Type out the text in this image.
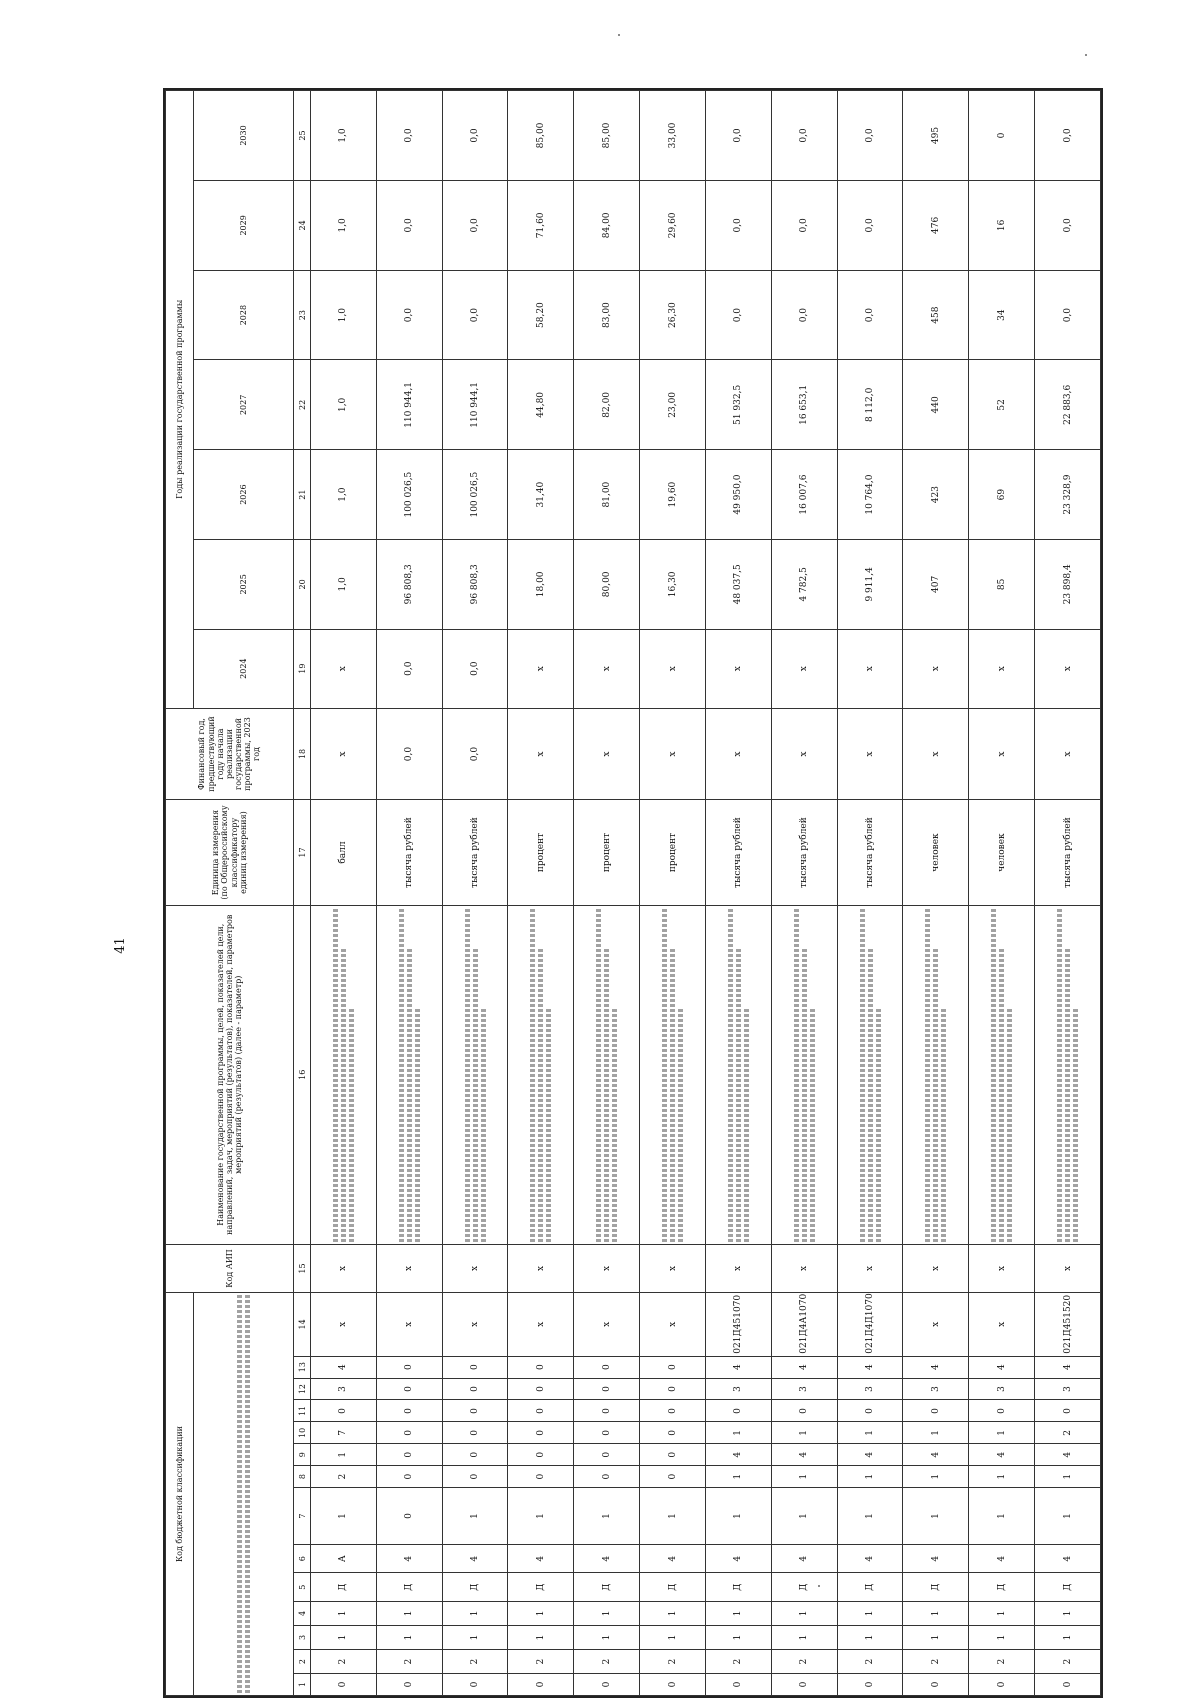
41
Код бюджетной классификации														Код АИП	Наименование государственной программы, целей, показателей цели, направлений, задач, мероприятий (результатов), показателей, параметров мероприятий (результатов) (далее - параметр)	Единица измерения (по Общероссийскому классификатору единиц измерения)	Финансовый год, предшествующий году начала реализации государственной программы, 2023 год	Годы реализации государственной программы						

																		2024	2025	2026	2027	2028	2029	2030
1	2	3	4	5	6	7	8	9	10	11	12	13	14	15	16	17	18	19	20	21	22	23	24	25
0	2	1	1	Д	А	1	2	1	7	0	3	4	х	х		балл	х	х	1,0	1,0	1,0	1,0	1,0	1,0
0	2	1	1	Д	4	0	0	0	0	0	0	0	х	х		тысяча рублей	0,0	0,0	96 808,3	100 026,5	110 944,1	0,0	0,0	0,0
0	2	1	1	Д	4	1	0	0	0	0	0	0	х	х		тысяча рублей	0,0	0,0	96 808,3	100 026,5	110 944,1	0,0	0,0	0,0
0	2	1	1	Д	4	1	0	0	0	0	0	0	х	х		процент	х	х	18,00	31,40	44,80	58,20	71,60	85,00
0	2	1	1	Д	4	1	0	0	0	0	0	0	х	х		процент	х	х	80,00	81,00	82,00	83,00	84,00	85,00
0	2	1	1	Д	4	1	0	0	0	0	0	0	х	х		процент	х	х	16,30	19,60	23,00	26,30	29,60	33,00
0	2	1	1	Д	4	1	1	4	1	0	3	4	021Д451070	х		тысяча рублей	х	х	48 037,5	49 950,0	51 932,5	0,0	0,0	0,0
0	2	1	1	Д	4	1	1	4	1	0	3	4	021Д4А1070	х		тысяча рублей	х	х	4 782,5	16 007,6	16 653,1	0,0	0,0	0,0
0	2	1	1	Д	4	1	1	4	1	0	3	4	021Д4Д1070	х		тысяча рублей	х	х	9 911,4	10 764,0	8 112,0	0,0	0,0	0,0
0	2	1	1	Д	4	1	1	4	1	0	3	4	х	х		человек	х	х	407	423	440	458	476	495
0	2	1	1	Д	4	1	1	4	1	0	3	4	х	х		человек	х	х	85	69	52	34	16	0
0	2	1	1	Д	4	1	1	4	2	0	3	4	021Д451520	х		тысяча рублей	х	х	23 898,4	23 328,9	22 883,6	0,0	0,0	0,0
